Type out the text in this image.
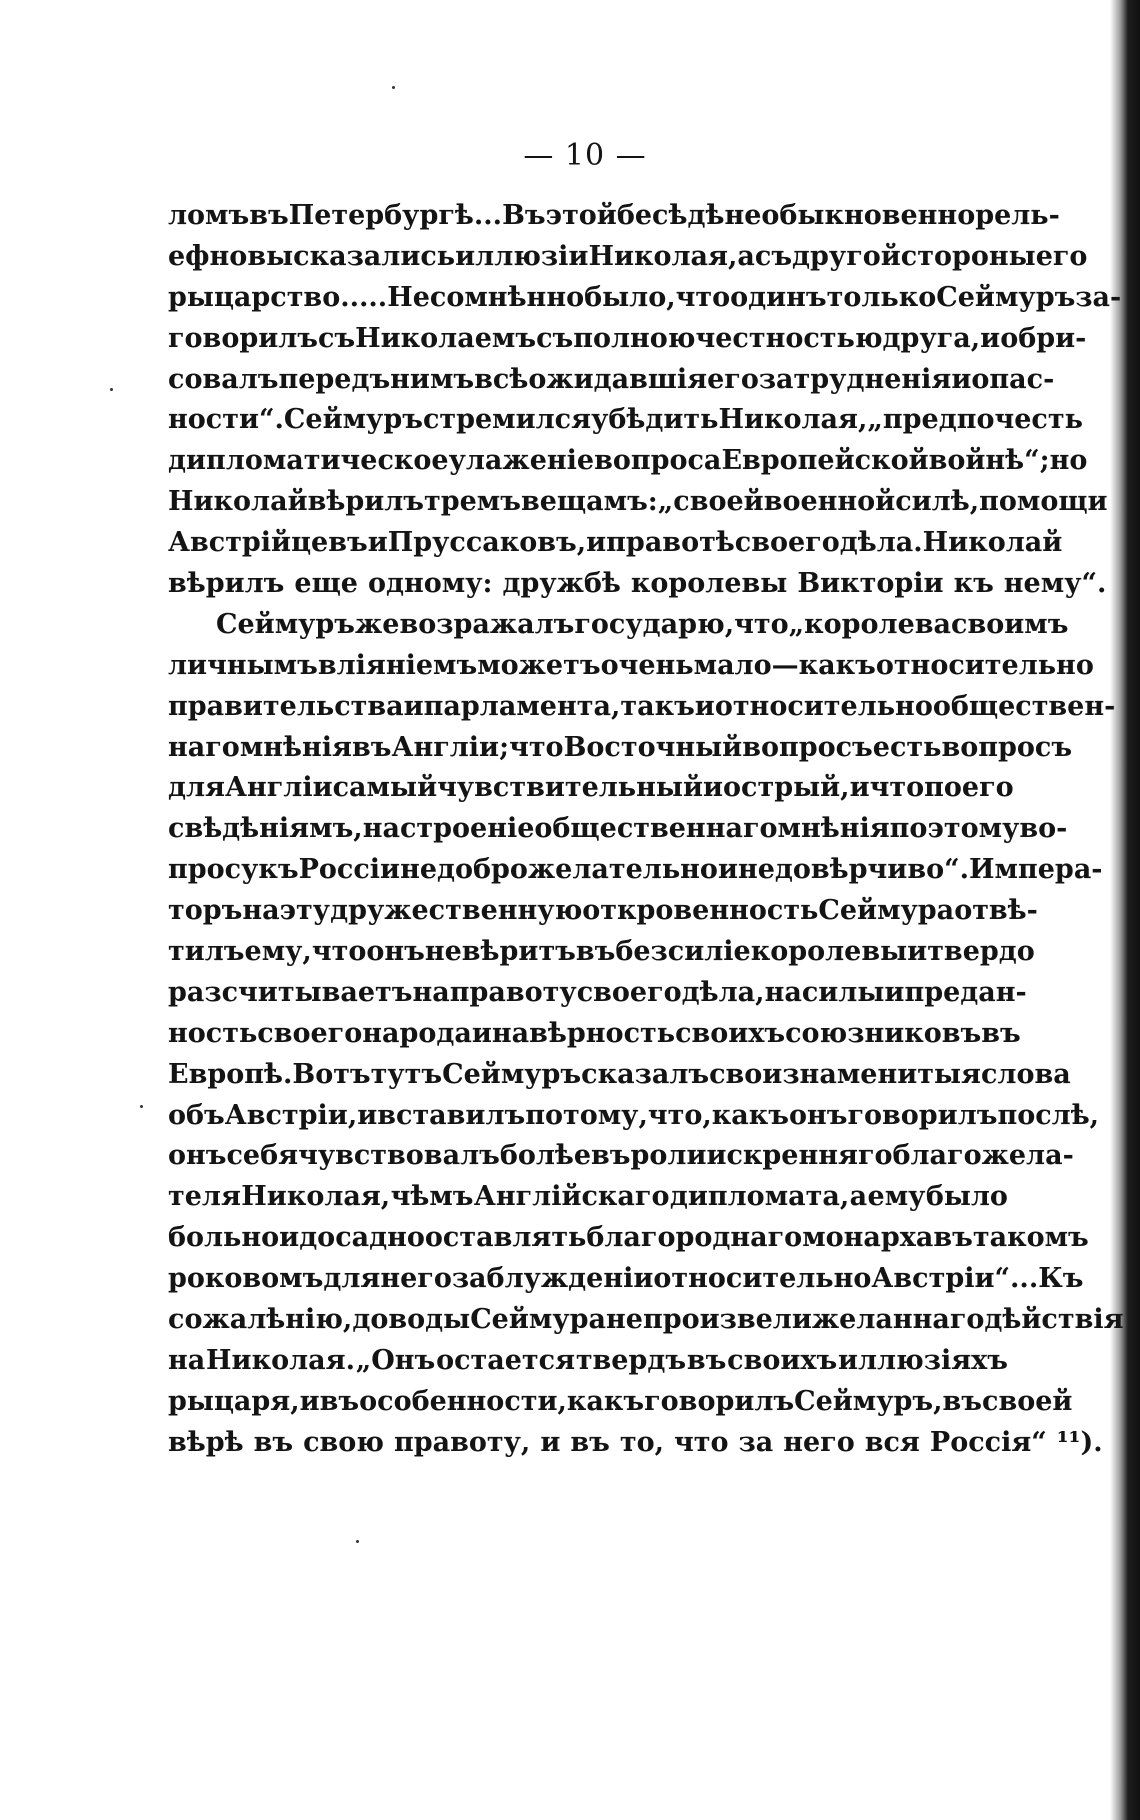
— 10 —
ломъ въ Петербургѣ... Въ этой бесѣдѣ необыкновенно рель-
ефно высказались иллюзіи Николая, а съ другой стороны его
рыцарство..... Несомнѣнно было, что одинъ только Сеймуръ за-
говорилъ съ Николаемъ съ полною честностью друга, и обри-
совалъ передъ нимъ всѣ ожидавшія его затрудненія и опас-
ности“. Сеймуръ стремился убѣдить Николая, „предпочесть
дипломатическое улаженіе вопроса Европейской войнѣ“; но
Николай вѣрилъ тремъ вещамъ: „своей военной силѣ, помощи
Австрійцевъ и Пруссаковъ, и правотѣ своего дѣла. Николай
вѣрилъ еще одному: дружбѣ королевы Викторіи къ нему“.
Сеймуръ же возражалъ государю, что „королева своимъ
личнымъ вліяніемъ можетъ очень мало — какъ относительно
правительства и парламента, такъ и относительно обществен-
наго мнѣнія въ Англіи; что Восточный вопросъ есть вопросъ
для Англіи самый чувствительный и острый, и что по его
свѣдѣніямъ, настроеніе общественнаго мнѣнія по этому во-
просу къ Россіи недоброжелательно и недовѣрчиво“. Импера-
торъ на эту дружественную откровенность Сеймура отвѣ-
тилъ ему, что онъ не вѣритъ въ безсиліе королевы и твердо
разсчитываетъ на правоту своего дѣла, на силы и предан-
ность своего народа и на вѣрность своихъ союзниковъ въ
Европѣ. Вотъ тутъ Сеймуръ сказалъ свои знаменитыя слова
объ Австріи, и вставилъ потому, что, какъ онъ говорилъ послѣ,
онъ себя чувствовалъ болѣе въ роли искренняго благожела-
теля Николая, чѣмъ Англійскаго дипломата, а ему было
больно и досадно оставлять благороднаго монарха въ такомъ
роковомъ для него заблужденіи относительно Австріи“... Къ
сожалѣнію, доводы Сеймура не произвели желаннаго дѣйствія
на Николая. „Онъ остается твердъ въ своихъ иллюзіяхъ
рыцаря, и въ особенности, какъ говорилъ Сеймуръ, въ своей
вѣрѣ въ свою правоту, и въ то, что за него вся Россія“ ¹¹).
